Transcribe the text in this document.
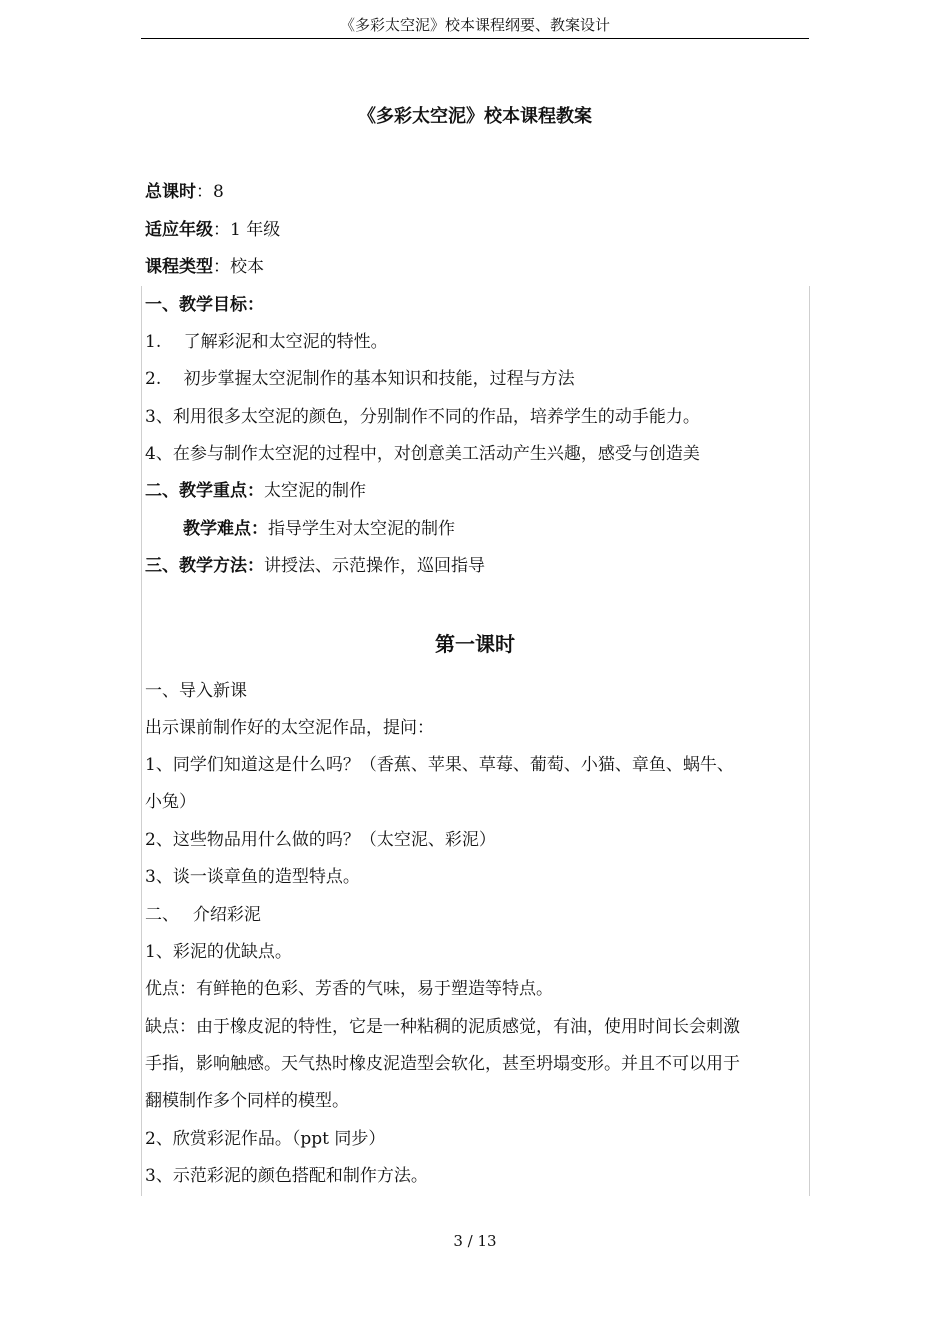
《多彩太空泥》校本课程纲要、教案设计
《多彩太空泥》校本课程教案
总课时：8
适应年级：1 年级
课程类型：校本
一、教学目标：
1.　 了解彩泥和太空泥的特性。
2.　 初步掌握太空泥制作的基本知识和技能，过程与方法
3、利用很多太空泥的颜色，分别制作不同的作品，培养学生的动手能力。
4、在参与制作太空泥的过程中，对创意美工活动产生兴趣，感受与创造美
二、教学重点：太空泥的制作
教学难点：指导学生对太空泥的制作
三、教学方法：讲授法、示范操作，巡回指导
第一课时
一、导入新课
出示课前制作好的太空泥作品，提问：
1、同学们知道这是什么吗？（香蕉、苹果、草莓、葡萄、小猫、章鱼、蜗牛、
小兔）
2、这些物品用什么做的吗？（太空泥、彩泥）
3、谈一谈章鱼的造型特点。
二、　 介绍彩泥
1、彩泥的优缺点。
优点：有鲜艳的色彩、芳香的气味，易于塑造等特点。
缺点：由于橡皮泥的特性，它是一种粘稠的泥质感觉，有油，使用时间长会刺激
手指，影响触感。天气热时橡皮泥造型会软化，甚至坍塌变形。并且不可以用于
翻模制作多个同样的模型。
2、欣赏彩泥作品。（ppt 同步）
3、示范彩泥的颜色搭配和制作方法。
3 / 13
